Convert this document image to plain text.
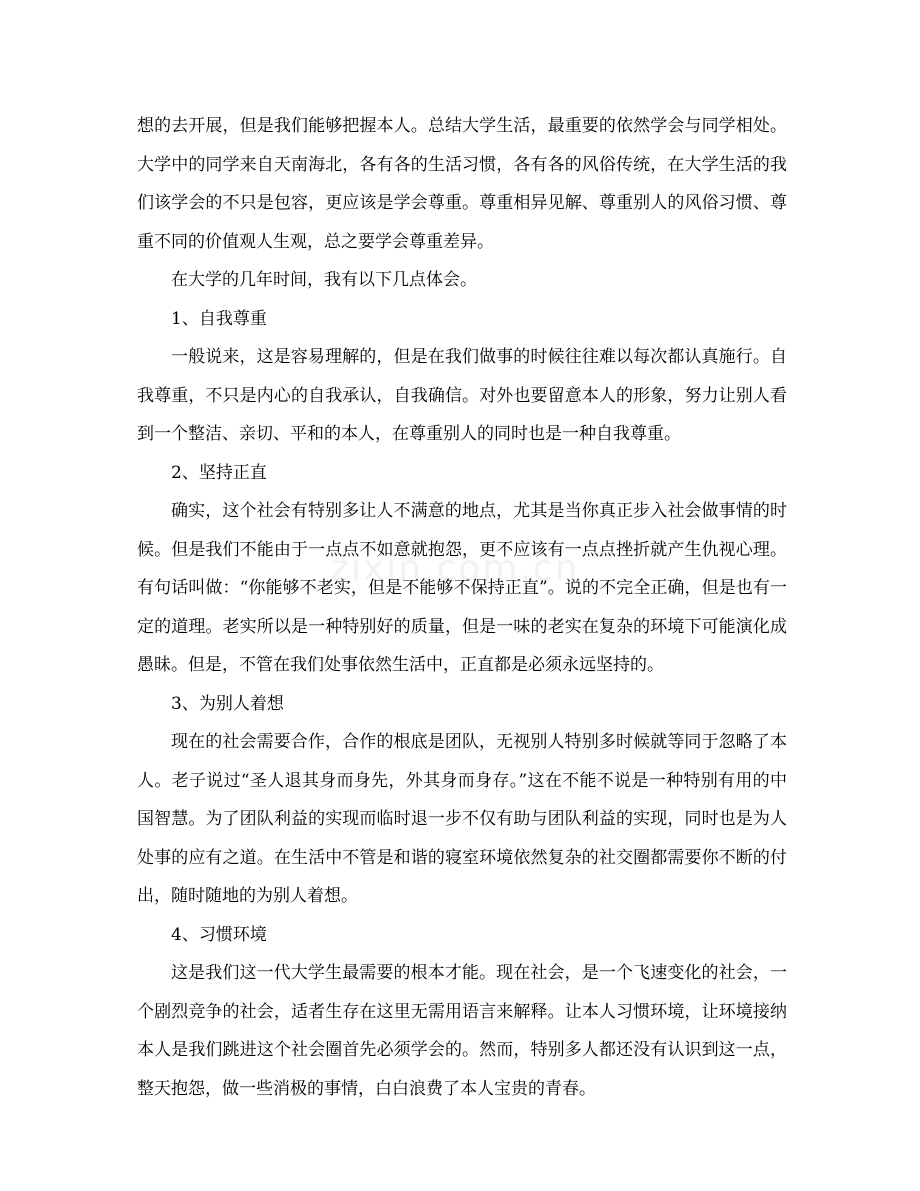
zixin.com.cn

想的去开展，但是我们能够把握本人。总结大学生活，最重要的依然学会与同学相处。大学中的同学来自天南海北，各有各的生活习惯，各有各的风俗传统，在大学生活的我们该学会的不只是包容，更应该是学会尊重。尊重相异见解、尊重别人的风俗习惯、尊重不同的价值观人生观，总之要学会尊重差异。

在大学的几年时间，我有以下几点体会。

1、自我尊重

一般说来，这是容易理解的，但是在我们做事的时候往往难以每次都认真施行。自我尊重，不只是内心的自我承认，自我确信。对外也要留意本人的形象，努力让别人看到一个整洁、亲切、平和的本人，在尊重别人的同时也是一种自我尊重。

2、坚持正直

确实，这个社会有特别多让人不满意的地点，尤其是当你真正步入社会做事情的时候。但是我们不能由于一点点不如意就抱怨，更不应该有一点点挫折就产生仇视心理。有句话叫做：“你能够不老实，但是不能够不保持正直”。说的不完全正确，但是也有一定的道理。老实所以是一种特别好的质量，但是一味的老实在复杂的环境下可能演化成愚昧。但是，不管在我们处事依然生活中，正直都是必须永远坚持的。

3、为别人着想

现在的社会需要合作，合作的根底是团队，无视别人特别多时候就等同于忽略了本人。老子说过“圣人退其身而身先，外其身而身存。”这在不能不说是一种特别有用的中国智慧。为了团队利益的实现而临时退一步不仅有助与团队利益的实现，同时也是为人处事的应有之道。在生活中不管是和谐的寝室环境依然复杂的社交圈都需要你不断的付出，随时随地的为别人着想。

4、习惯环境

这是我们这一代大学生最需要的根本才能。现在社会，是一个飞速变化的社会，一个剧烈竞争的社会，适者生存在这里无需用语言来解释。让本人习惯环境，让环境接纳本人是我们跳进这个社会圈首先必须学会的。然而，特别多人都还没有认识到这一点，整天抱怨，做一些消极的事情，白白浪费了本人宝贵的青春。
